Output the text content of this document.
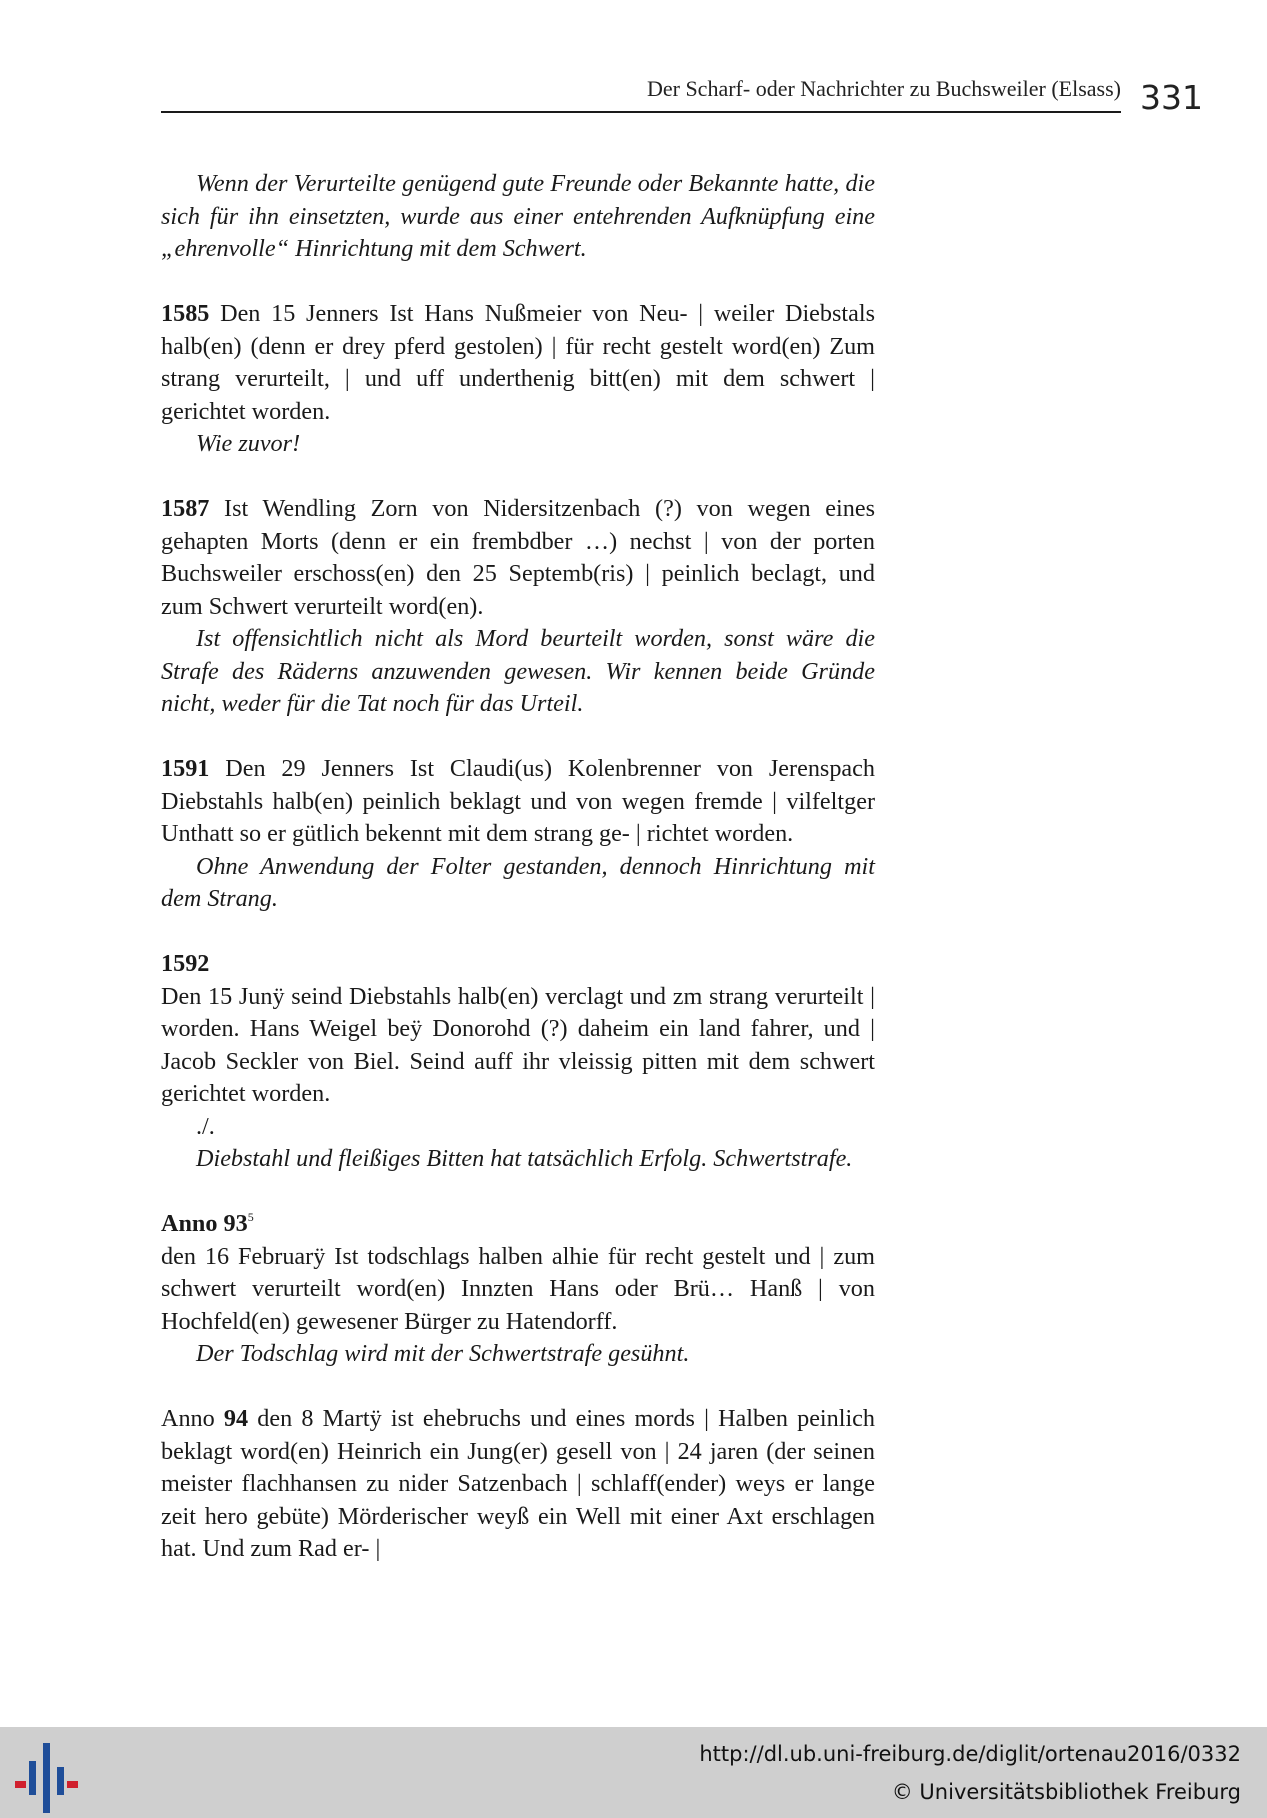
Der Scharf- oder Nachrichter zu Buchsweiler (Elsass) 331

Wenn der Verurteilte genügend gute Freunde oder Bekannte hatte, die sich für ihn einsetzten, wurde aus einer entehrenden Aufknüpfung eine „ehrenvolle“ Hinrichtung mit dem Schwert.

1585 Den 15 Jenners Ist Hans Nußmeier von Neu- | weiler Diebstals halb(en) (denn er drey pferd gestolen) | für recht gestelt word(en) Zum strang verurteilt, | und uff underthenig bitt(en) mit dem schwert | gerichtet worden.

Wie zuvor!

1587 Ist Wendling Zorn von Nidersitzenbach (?) von wegen eines gehapten Morts (denn er ein frembdber …) nechst | von der porten Buchsweiler erschoss(en) den 25 Septemb(ris) | peinlich beclagt, und zum Schwert verurteilt word(en).

Ist offensichtlich nicht als Mord beurteilt worden, sonst wäre die Strafe des Räderns anzuwenden gewesen. Wir kennen beide Gründe nicht, weder für die Tat noch für das Urteil.

1591 Den 29 Jenners Ist Claudi(us) Kolenbrenner von Jerenspach Diebstahls halb(en) peinlich beklagt und von wegen fremde | vilfeltger Unthatt so er gütlich bekennt mit dem strang ge- | richtet worden.

Ohne Anwendung der Folter gestanden, dennoch Hinrichtung mit dem Strang.

1592

Den 15 Junÿ seind Diebstahls halb(en) verclagt und zm strang verurteilt | worden. Hans Weigel beÿ Donorohd (?) daheim ein land fahrer, und | Jacob Seckler von Biel. Seind auff ihr vleissig pitten mit dem schwert gerichtet worden.

./.

Diebstahl und fleißiges Bitten hat tatsächlich Erfolg. Schwertstrafe.

Anno $93^5$

den 16 Februarÿ Ist todschlags halben alhie für recht gestelt und | zum schwert verurteilt word(en) Innzten Hans oder Brü… Hanß | von Hochfeld(en) gewesener Bürger zu Hatendorff.

Der Todschlag wird mit der Schwertstrafe gesühnt.

Anno 94 den 8 Martÿ ist ehebruchs und eines mords | Halben peinlich beklagt word(en) Heinrich ein Jung(er) gesell von | 24 jaren (der seinen meister flachhansen zu nider Satzenbach | schlaff(ender) weys er lange zeit hero gebüte) Mörderischer weyß ein Well mit einer Axt erschlagen hat. Und zum Rad er- |

http://dl.ub.uni-freiburg.de/diglit/ortenau2016/0332
© Universitätsbibliothek Freiburg
